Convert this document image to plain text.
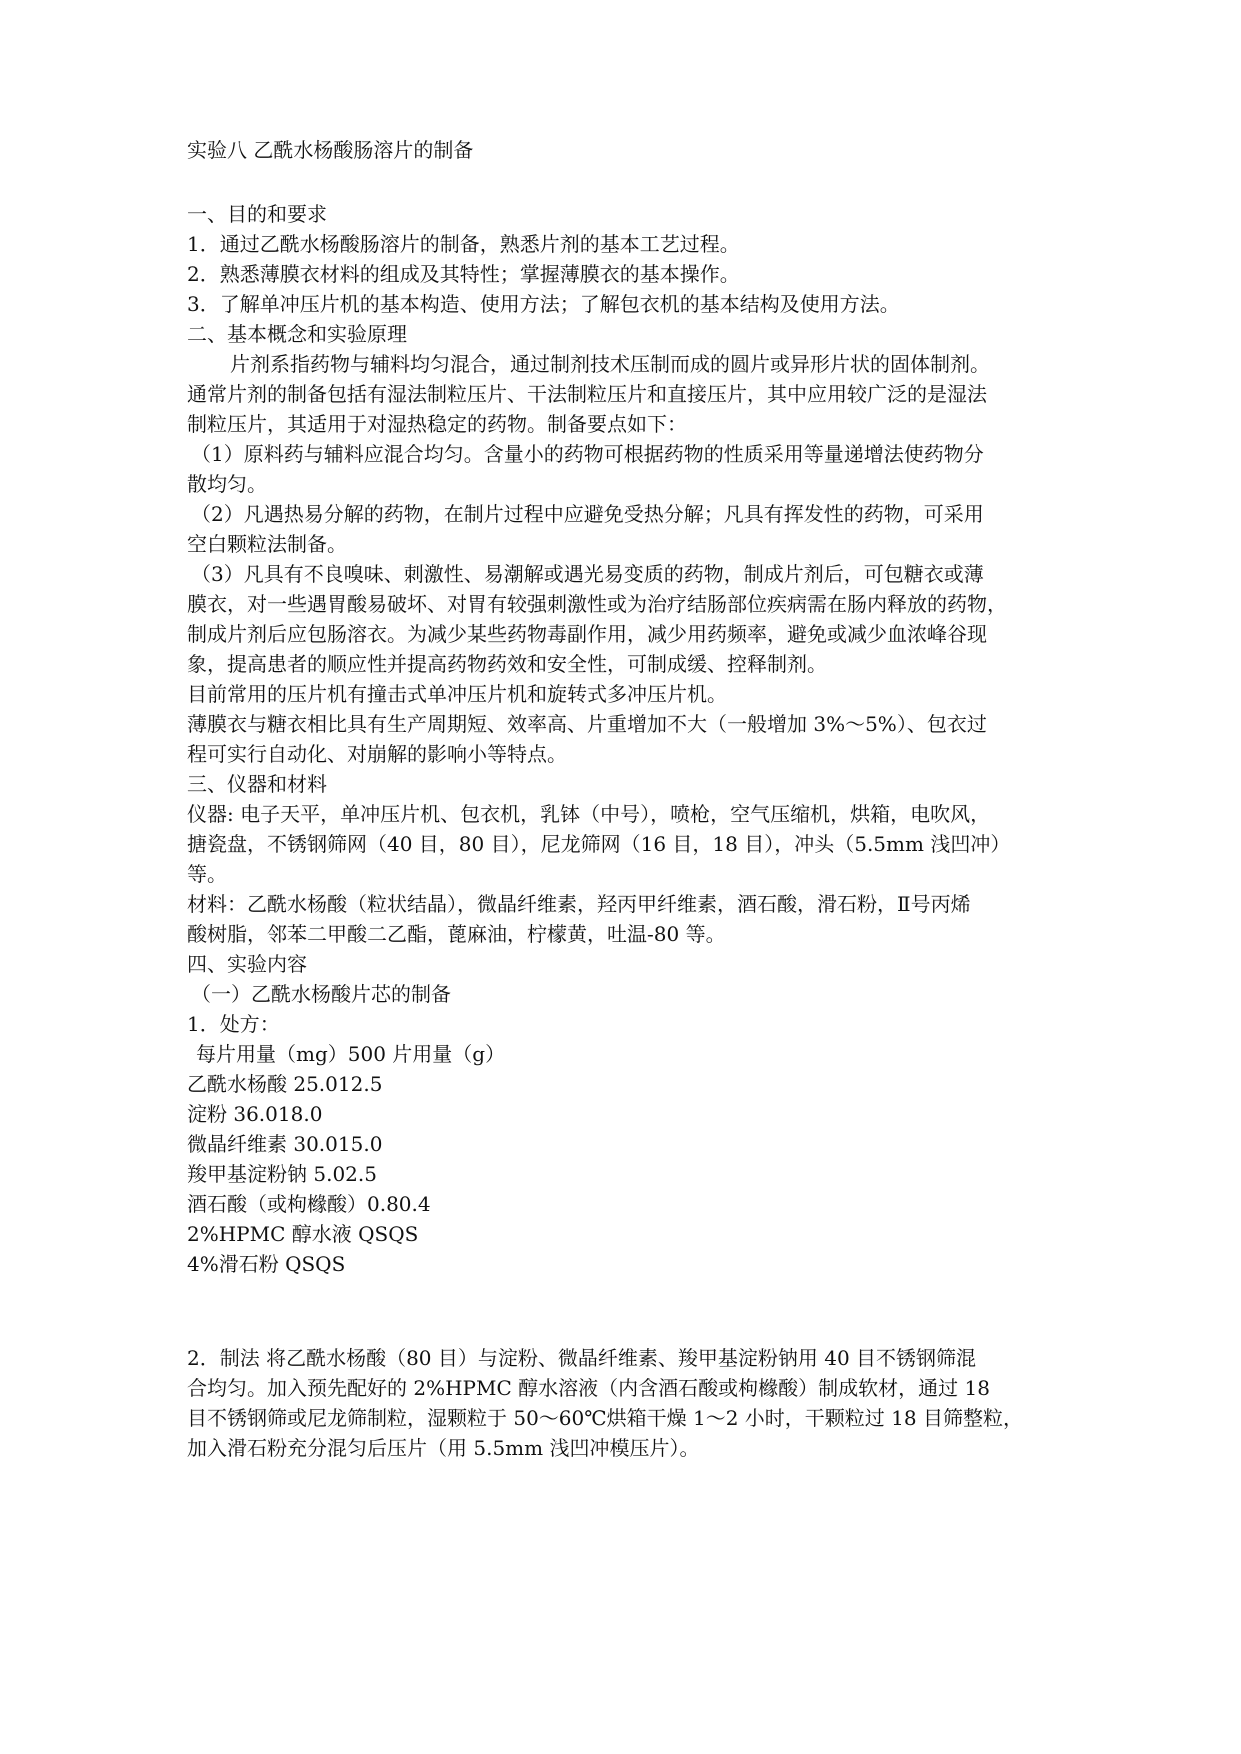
实验八 乙酰水杨酸肠溶片的制备
一、目的和要求
1．通过乙酰水杨酸肠溶片的制备，熟悉片剂的基本工艺过程。
2．熟悉薄膜衣材料的组成及其特性；掌握薄膜衣的基本操作。
3．了解单冲压片机的基本构造、使用方法；了解包衣机的基本结构及使用方法。
二、基本概念和实验原理
片剂系指药物与辅料均匀混合，通过制剂技术压制而成的圆片或异形片状的固体制剂。
通常片剂的制备包括有湿法制粒压片、干法制粒压片和直接压片，其中应用较广泛的是湿法
制粒压片，其适用于对湿热稳定的药物。制备要点如下：
（1）原料药与辅料应混合均匀。含量小的药物可根据药物的性质采用等量递增法使药物分
散均匀。
（2）凡遇热易分解的药物，在制片过程中应避免受热分解；凡具有挥发性的药物，可采用
空白颗粒法制备。
（3）凡具有不良嗅味、刺激性、易潮解或遇光易变质的药物，制成片剂后，可包糖衣或薄
膜衣，对一些遇胃酸易破坏、对胃有较强刺激性或为治疗结肠部位疾病需在肠内释放的药物，
制成片剂后应包肠溶衣。为减少某些药物毒副作用，减少用药频率，避免或减少血浓峰谷现
象，提高患者的顺应性并提高药物药效和安全性，可制成缓、控释制剂。
目前常用的压片机有撞击式单冲压片机和旋转式多冲压片机。
薄膜衣与糖衣相比具有生产周期短、效率高、片重增加不大（一般增加 3%～5%）、包衣过
程可实行自动化、对崩解的影响小等特点。
三、仪器和材料
仪器: 电子天平，单冲压片机、包衣机，乳钵（中号），喷枪，空气压缩机，烘箱，电吹风，
搪瓷盘，不锈钢筛网（40 目，80 目），尼龙筛网（16 目，18 目），冲头（5.5mm 浅凹冲）
等。
材料：乙酰水杨酸（粒状结晶），微晶纤维素，羟丙甲纤维素，酒石酸，滑石粉，Ⅱ号丙烯
酸树脂，邻苯二甲酸二乙酯，蓖麻油，柠檬黄，吐温-80 等。
四、实验内容
（一）乙酰水杨酸片芯的制备
1．处方：
每片用量（mg）500 片用量（g）
乙酰水杨酸 25.012.5
淀粉 36.018.0
微晶纤维素 30.015.0
羧甲基淀粉钠 5.02.5
酒石酸（或枸橼酸）0.80.4
2%HPMC 醇水液 QSQS
4%滑石粉 QSQS
2．制法 将乙酰水杨酸（80 目）与淀粉、微晶纤维素、羧甲基淀粉钠用 40 目不锈钢筛混
合均匀。加入预先配好的 2%HPMC 醇水溶液（内含酒石酸或枸橼酸）制成软材，通过 18
目不锈钢筛或尼龙筛制粒，湿颗粒于 50～60℃烘箱干燥 1～2 小时，干颗粒过 18 目筛整粒，
加入滑石粉充分混匀后压片（用 5.5mm 浅凹冲模压片）。
